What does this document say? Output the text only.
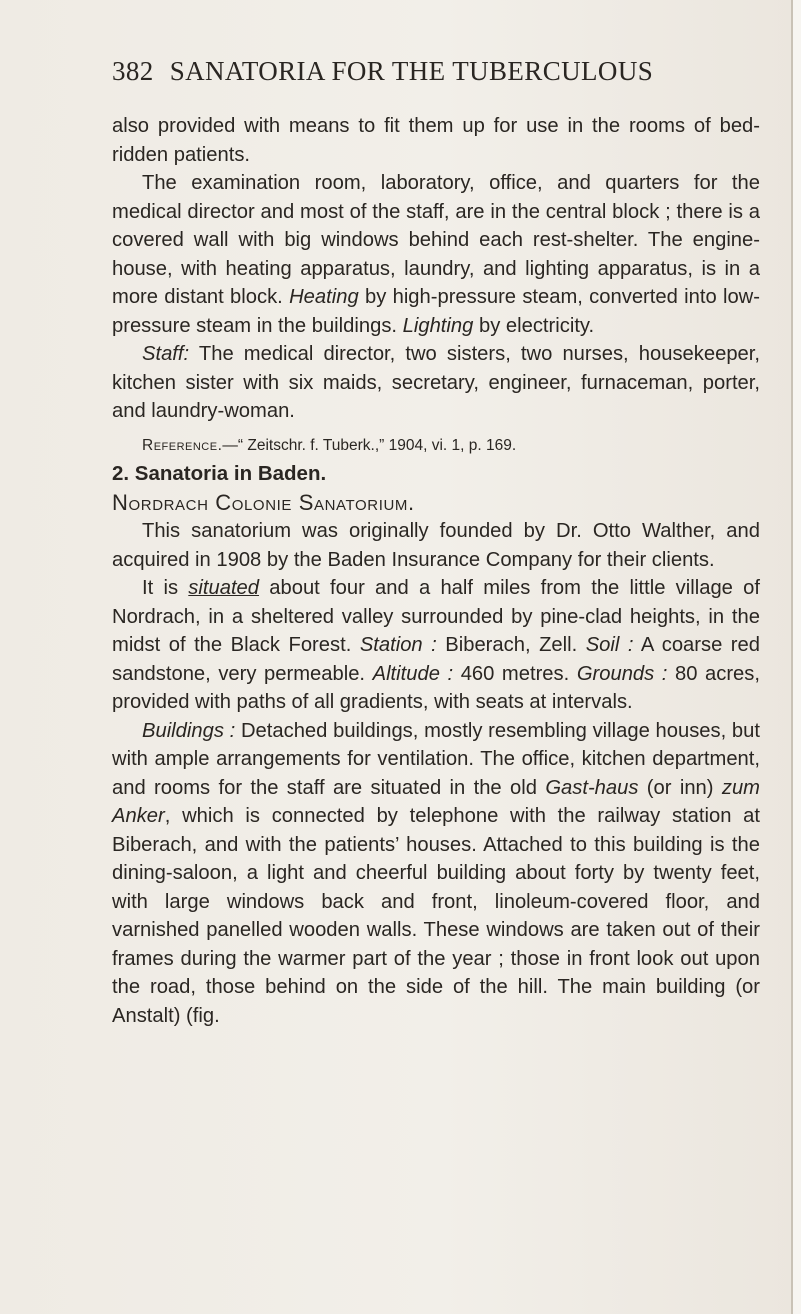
382 SANATORIA FOR THE TUBERCULOUS

also provided with means to fit them up for use in the rooms of bed-ridden patients.

The examination room, laboratory, office, and quarters for the medical director and most of the staff, are in the central block ; there is a covered wall with big windows behind each rest-shelter. The engine-house, with heating apparatus, laundry, and lighting apparatus, is in a more distant block. Heating by high-pressure steam, converted into low-pressure steam in the buildings. Lighting by electricity.

Staff: The medical director, two sisters, two nurses, housekeeper, kitchen sister with six maids, secretary, engineer, furnaceman, porter, and laundry-woman.

Reference.—“ Zeitschr. f. Tuberk.,” 1904, vi. 1, p. 169.

2. Sanatoria in Baden.

Nordrach Colonie Sanatorium.

This sanatorium was originally founded by Dr. Otto Walther, and acquired in 1908 by the Baden Insurance Company for their clients.

It is situated about four and a half miles from the little village of Nordrach, in a sheltered valley surrounded by pine-clad heights, in the midst of the Black Forest. Station : Biberach, Zell. Soil : A coarse red sandstone, very permeable. Altitude : 460 metres. Grounds : 80 acres, provided with paths of all gradients, with seats at intervals.

Buildings : Detached buildings, mostly resembling village houses, but with ample arrangements for ventilation. The office, kitchen department, and rooms for the staff are situated in the old Gast-haus (or inn) zum Anker, which is connected by telephone with the railway station at Biberach, and with the patients’ houses. Attached to this building is the dining-saloon, a light and cheerful building about forty by twenty feet, with large windows back and front, linoleum-covered floor, and varnished panelled wooden walls. These windows are taken out of their frames during the warmer part of the year ; those in front look out upon the road, those behind on the side of the hill. The main building (or Anstalt) (fig.
